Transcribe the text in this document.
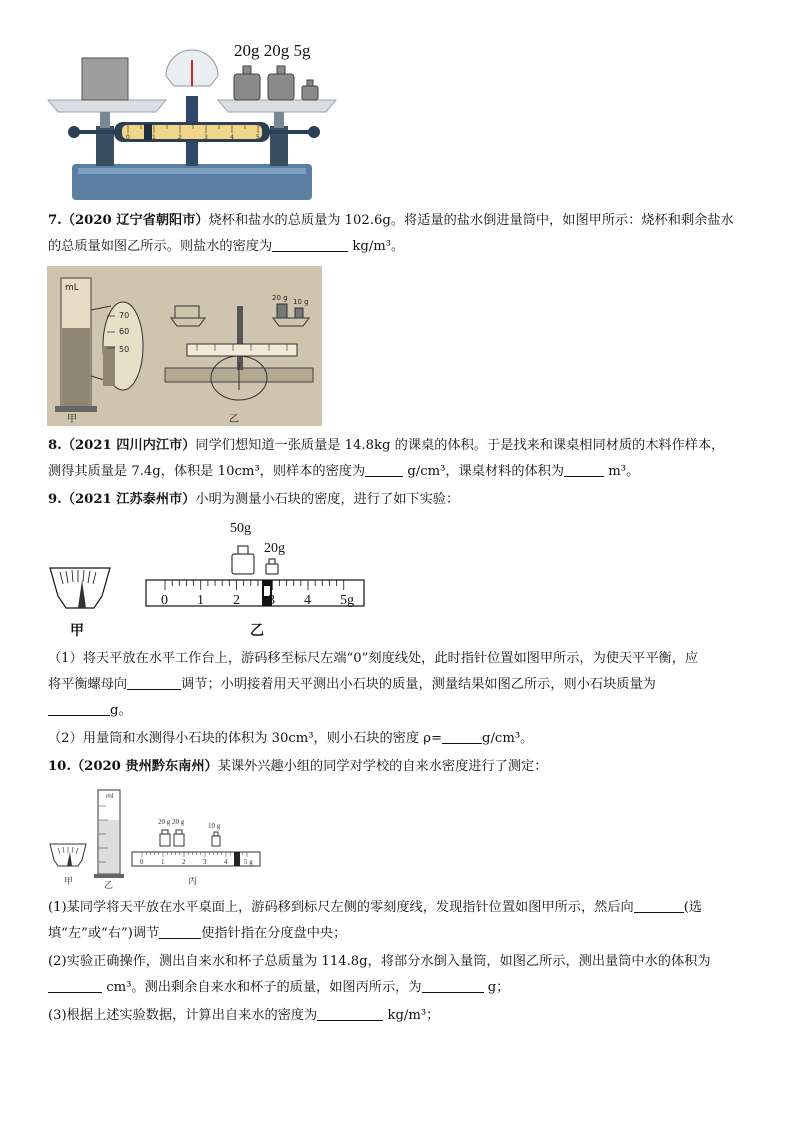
20g 20g 5g
0	1	2	3	4	5
7.（2020 辽宁省朝阳市）烧杯和盐水的总质量为 102.6g。将适量的盐水倒进量筒中，如图甲所示：烧杯和剩余盐水
的总质量如图乙所示。则盐水的密度为	kg/m³。
mL
70
60
50
甲
20 g 10 g
乙
8.（2021 四川内江市）同学们想知道一张质量是 14.8kg 的课桌的体积。于是找来和课桌相同材质的木料作样本，
测得其质量是 7.4g，体积是 10cm³，则样本的密度为	g/cm³，课桌材料的体积为	m³。
9.（2021 江苏泰州市）小明为测量小石块的密度，进行了如下实验：
甲
50g
20g
0 1 2 3 4 5g
乙
（1）将天平放在水平工作台上，游码移至标尺左端“0”刻度线处，此时指针位置如图甲所示，为使天平平衡，应
将平衡螺母向	调节；小明接着用天平测出小石块的质量，测量结果如图乙所示，则小石块质量为
g。
（2）用量筒和水测得小石块的体积为 30cm³，则小石块的密度 ρ=	g/cm³。
10.（2020 贵州黔东南州）某课外兴趣小组的同学对学校的自来水密度进行了测定：
甲
ml
乙
20 g 20 g	10 g
0	1	2	3	4 5 g
丙
(1)某同学将天平放在水平桌面上，游码移到标尺左侧的零刻度线，发现指针位置如图甲所示，然后向	(选
填“左”或“右”)调节	使指针指在分度盘中央；
(2)实验正确操作，测出自来水和杯子总质量为 114.8g，将部分水倒入量筒，如图乙所示，测出量筒中水的体积为
cm³。测出剩余自来水和杯子的质量，如图丙所示，为	g；
(3)根据上述实验数据，计算出自来水的密度为	kg/m³；
